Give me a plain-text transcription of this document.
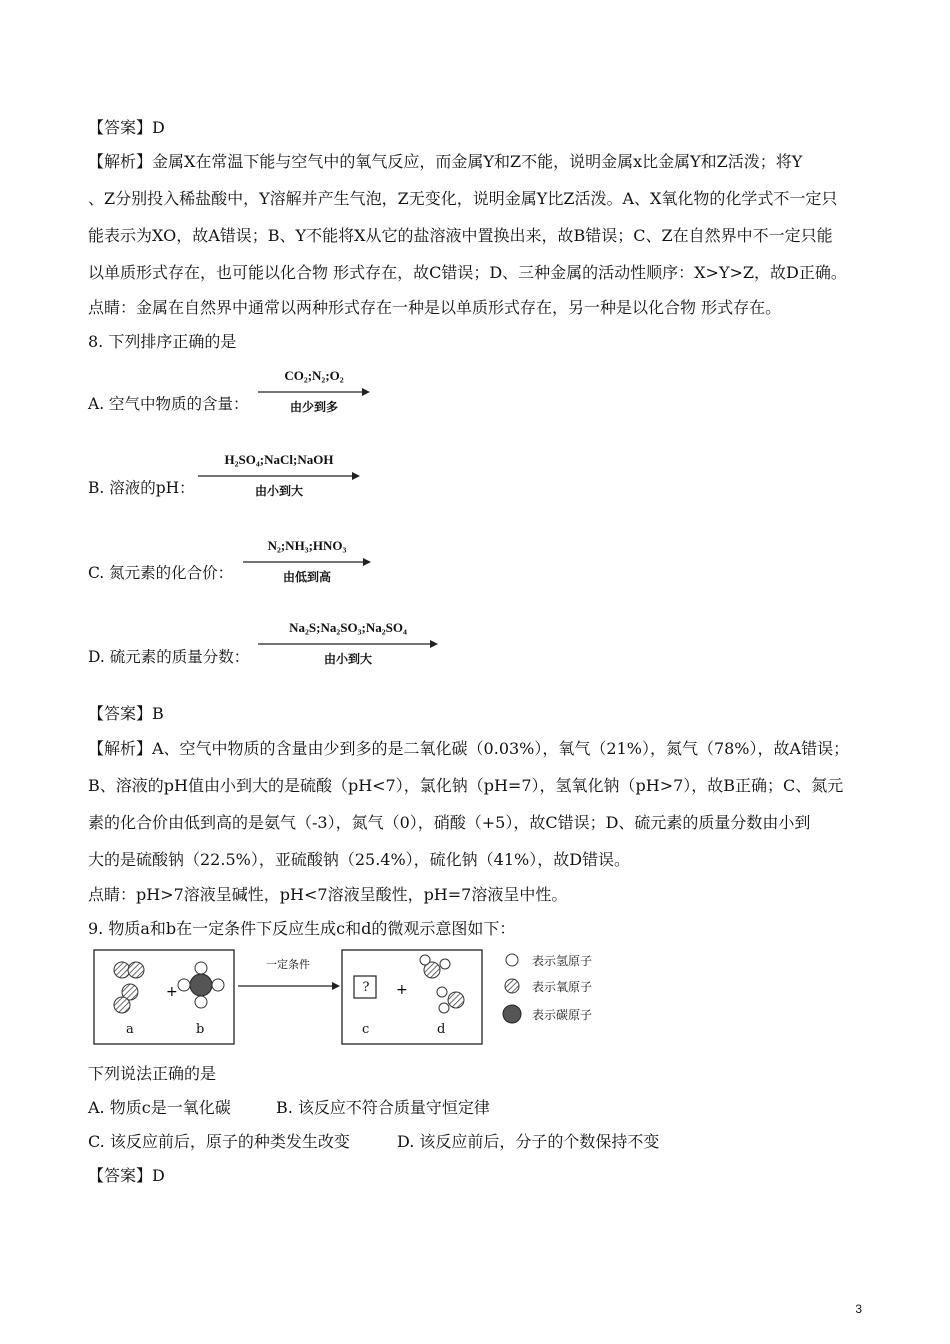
【答案】D
【解析】金属X在常温下能与空气中的氧气反应，而金属Y和Z不能，说明金属x比金属Y和Z活泼；将Y
、Z分别投入稀盐酸中，Y溶解并产生气泡，Z无变化，说明金属Y比Z活泼。A、X氧化物的化学式不一定只
能表示为XO，故A错误；B、Y不能将X从它的盐溶液中置换出来，故B错误；C、Z在自然界中不一定只能
以单质形式存在，也可能以化合物 形式存在，故C错误；D、三种金属的活动性顺序：X>Y>Z，故D正确。
点睛：金属在自然界中通常以两种形式存在一种是以单质形式存在，另一种是以化合物 形式存在。
8. 下列排序正确的是
A. 空气中物质的含量：
CO₂;N₂;O₂
由少到多
B. 溶液的pH：
H₂SO₄;NaCl;NaOH
由小到大
C. 氮元素的化合价：
N₂;NH₃;HNO₃
由低到高
D. 硫元素的质量分数：
Na₂S;Na₂SO₃;Na₂SO₄
由小到大
【答案】B
【解析】A、空气中物质的含量由少到多的是二氧化碳（0.03%），氧气（21%），氮气（78%），故A错误；
B、溶液的pH值由小到大的是硫酸（pH<7），氯化钠（pH=7），氢氧化钠（pH>7），故B正确；C、氮元
素的化合价由低到高的是氨气（-3），氮气（0），硝酸（+5），故C错误；D、硫元素的质量分数由小到
大的是硫酸钠（22.5%），亚硫酸钠（25.4%），硫化钠（41%），故D错误。
点睛：pH>7溶液呈碱性，pH<7溶液呈酸性，pH=7溶液呈中性。
9. 物质a和b在一定条件下反应生成c和d的微观示意图如下：
+	+
一定条件
?
a	b	c	d
表示氢原子
表示氧原子
表示碳原子
下列说法正确的是
A. 物质c是一氧化碳	B. 该反应不符合质量守恒定律
C. 该反应前后，原子的种类发生改变	D. 该反应前后，分子的个数保持不变
【答案】D
3
